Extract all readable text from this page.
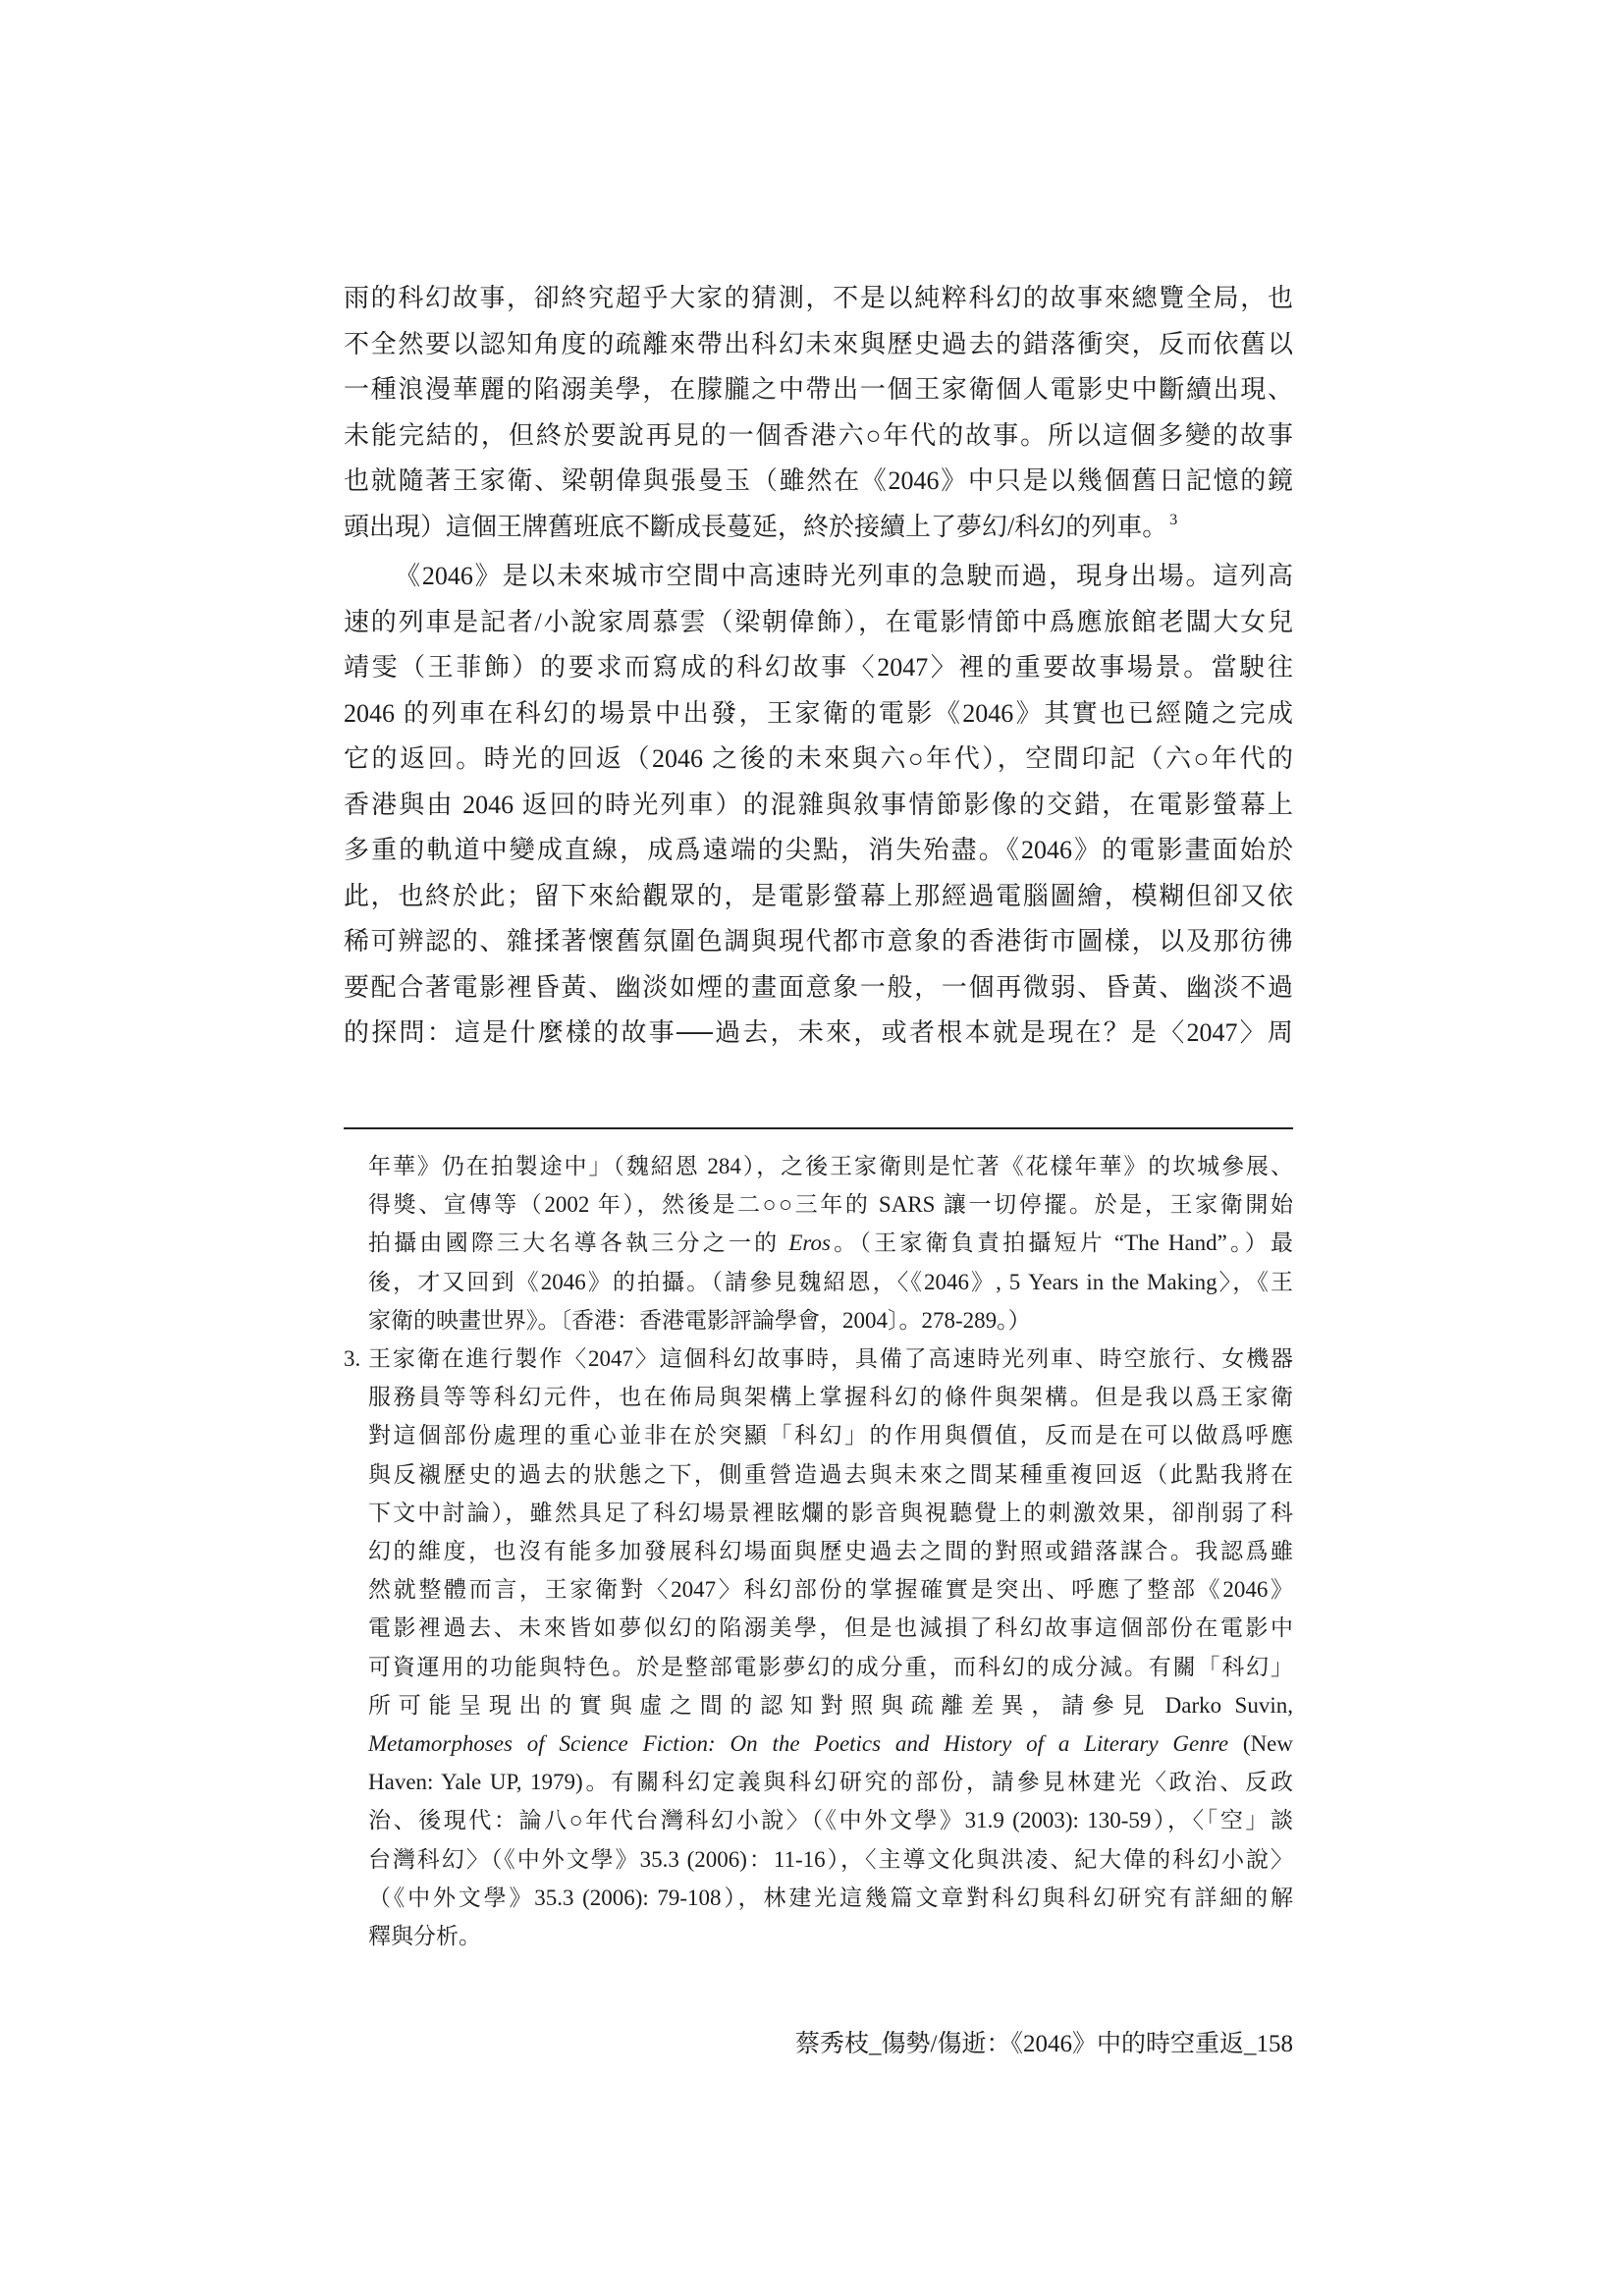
雨的科幻故事，卻終究超乎大家的猜測，不是以純粹科幻的故事來總覽全局，也
不全然要以認知角度的疏離來帶出科幻未來與歷史過去的錯落衝突，反而依舊以
一種浪漫華麗的陷溺美學，在朦朧之中帶出一個王家衛個人電影史中斷續出現、
未能完結的，但終於要說再見的一個香港六○年代的故事。所以這個多變的故事
也就隨著王家衛、梁朝偉與張曼玉（雖然在《2046》中只是以幾個舊日記憶的鏡
頭出現）這個王牌舊班底不斷成長蔓延，終於接續上了夢幻/科幻的列車。 $^3$
《2046》是以未來城市空間中高速時光列車的急駛而過，現身出場。這列高
速的列車是記者/小說家周慕雲（梁朝偉飾），在電影情節中爲應旅館老闆大女兒
靖雯（王菲飾）的要求而寫成的科幻故事〈2047〉裡的重要故事場景。當駛往
2046 的列車在科幻的場景中出發，王家衛的電影《2046》其實也已經隨之完成
它的返回。時光的回返（2046 之後的未來與六○年代），空間印記（六○年代的
香港與由 2046 返回的時光列車）的混雜與敘事情節影像的交錯，在電影螢幕上
多重的軌道中變成直線，成爲遠端的尖點，消失殆盡。《2046》的電影畫面始於
此，也終於此；留下來給觀眾的，是電影螢幕上那經過電腦圖繪，模糊但卻又依
稀可辨認的、雜揉著懷舊氛圍色調與現代都市意象的香港街市圖樣，以及那彷彿
要配合著電影裡昏黃、幽淡如煙的畫面意象一般，一個再微弱、昏黃、幽淡不過
的探問：這是什麼樣的故事──過去，未來，或者根本就是現在？是〈2047〉周
年華》仍在拍製途中」（魏紹恩 284），之後王家衛則是忙著《花樣年華》的坎城參展、
得獎、宣傳等（2002 年），然後是二○○三年的 SARS 讓一切停擺。於是，王家衛開始
拍攝由國際三大名導各執三分之一的 Eros。（王家衛負責拍攝短片 “The Hand”。）最
後，才又回到《2046》的拍攝。（請參見魏紹恩，〈《2046》, 5 Years in the Making〉，《王
家衛的映畫世界》。〔香港：香港電影評論學會，2004〕。278-289。）
3. 王家衛在進行製作〈2047〉這個科幻故事時，具備了高速時光列車、時空旅行、女機器
服務員等等科幻元件，也在佈局與架構上掌握科幻的條件與架構。但是我以爲王家衛
對這個部份處理的重心並非在於突顯「科幻」的作用與價值，反而是在可以做爲呼應
與反襯歷史的過去的狀態之下，側重營造過去與未來之間某種重複回返（此點我將在
下文中討論），雖然具足了科幻場景裡眩爛的影音與視聽覺上的刺激效果，卻削弱了科
幻的維度，也沒有能多加發展科幻場面與歷史過去之間的對照或錯落謀合。我認爲雖
然就整體而言，王家衛對〈2047〉科幻部份的掌握確實是突出、呼應了整部《2046》
電影裡過去、未來皆如夢似幻的陷溺美學，但是也減損了科幻故事這個部份在電影中
可資運用的功能與特色。於是整部電影夢幻的成分重，而科幻的成分減。有關「科幻」
所可能呈現出的實與虛之間的認知對照與疏離差異，請參見 Darko Suvin,
Metamorphoses of Science Fiction: On the Poetics and History of a Literary Genre (New
Haven: Yale UP, 1979)。有關科幻定義與科幻研究的部份，請參見林建光〈政治、反政
治、後現代：論八○年代台灣科幻小說〉（《中外文學》31.9 (2003): 130-59），〈「空」談
台灣科幻〉（《中外文學》35.3 (2006)：11-16），〈主導文化與洪凌、紀大偉的科幻小說〉
（《中外文學》35.3 (2006): 79-108），林建光這幾篇文章對科幻與科幻研究有詳細的解
釋與分析。
蔡秀枝_傷勢/傷逝：《2046》中的時空重返_158
